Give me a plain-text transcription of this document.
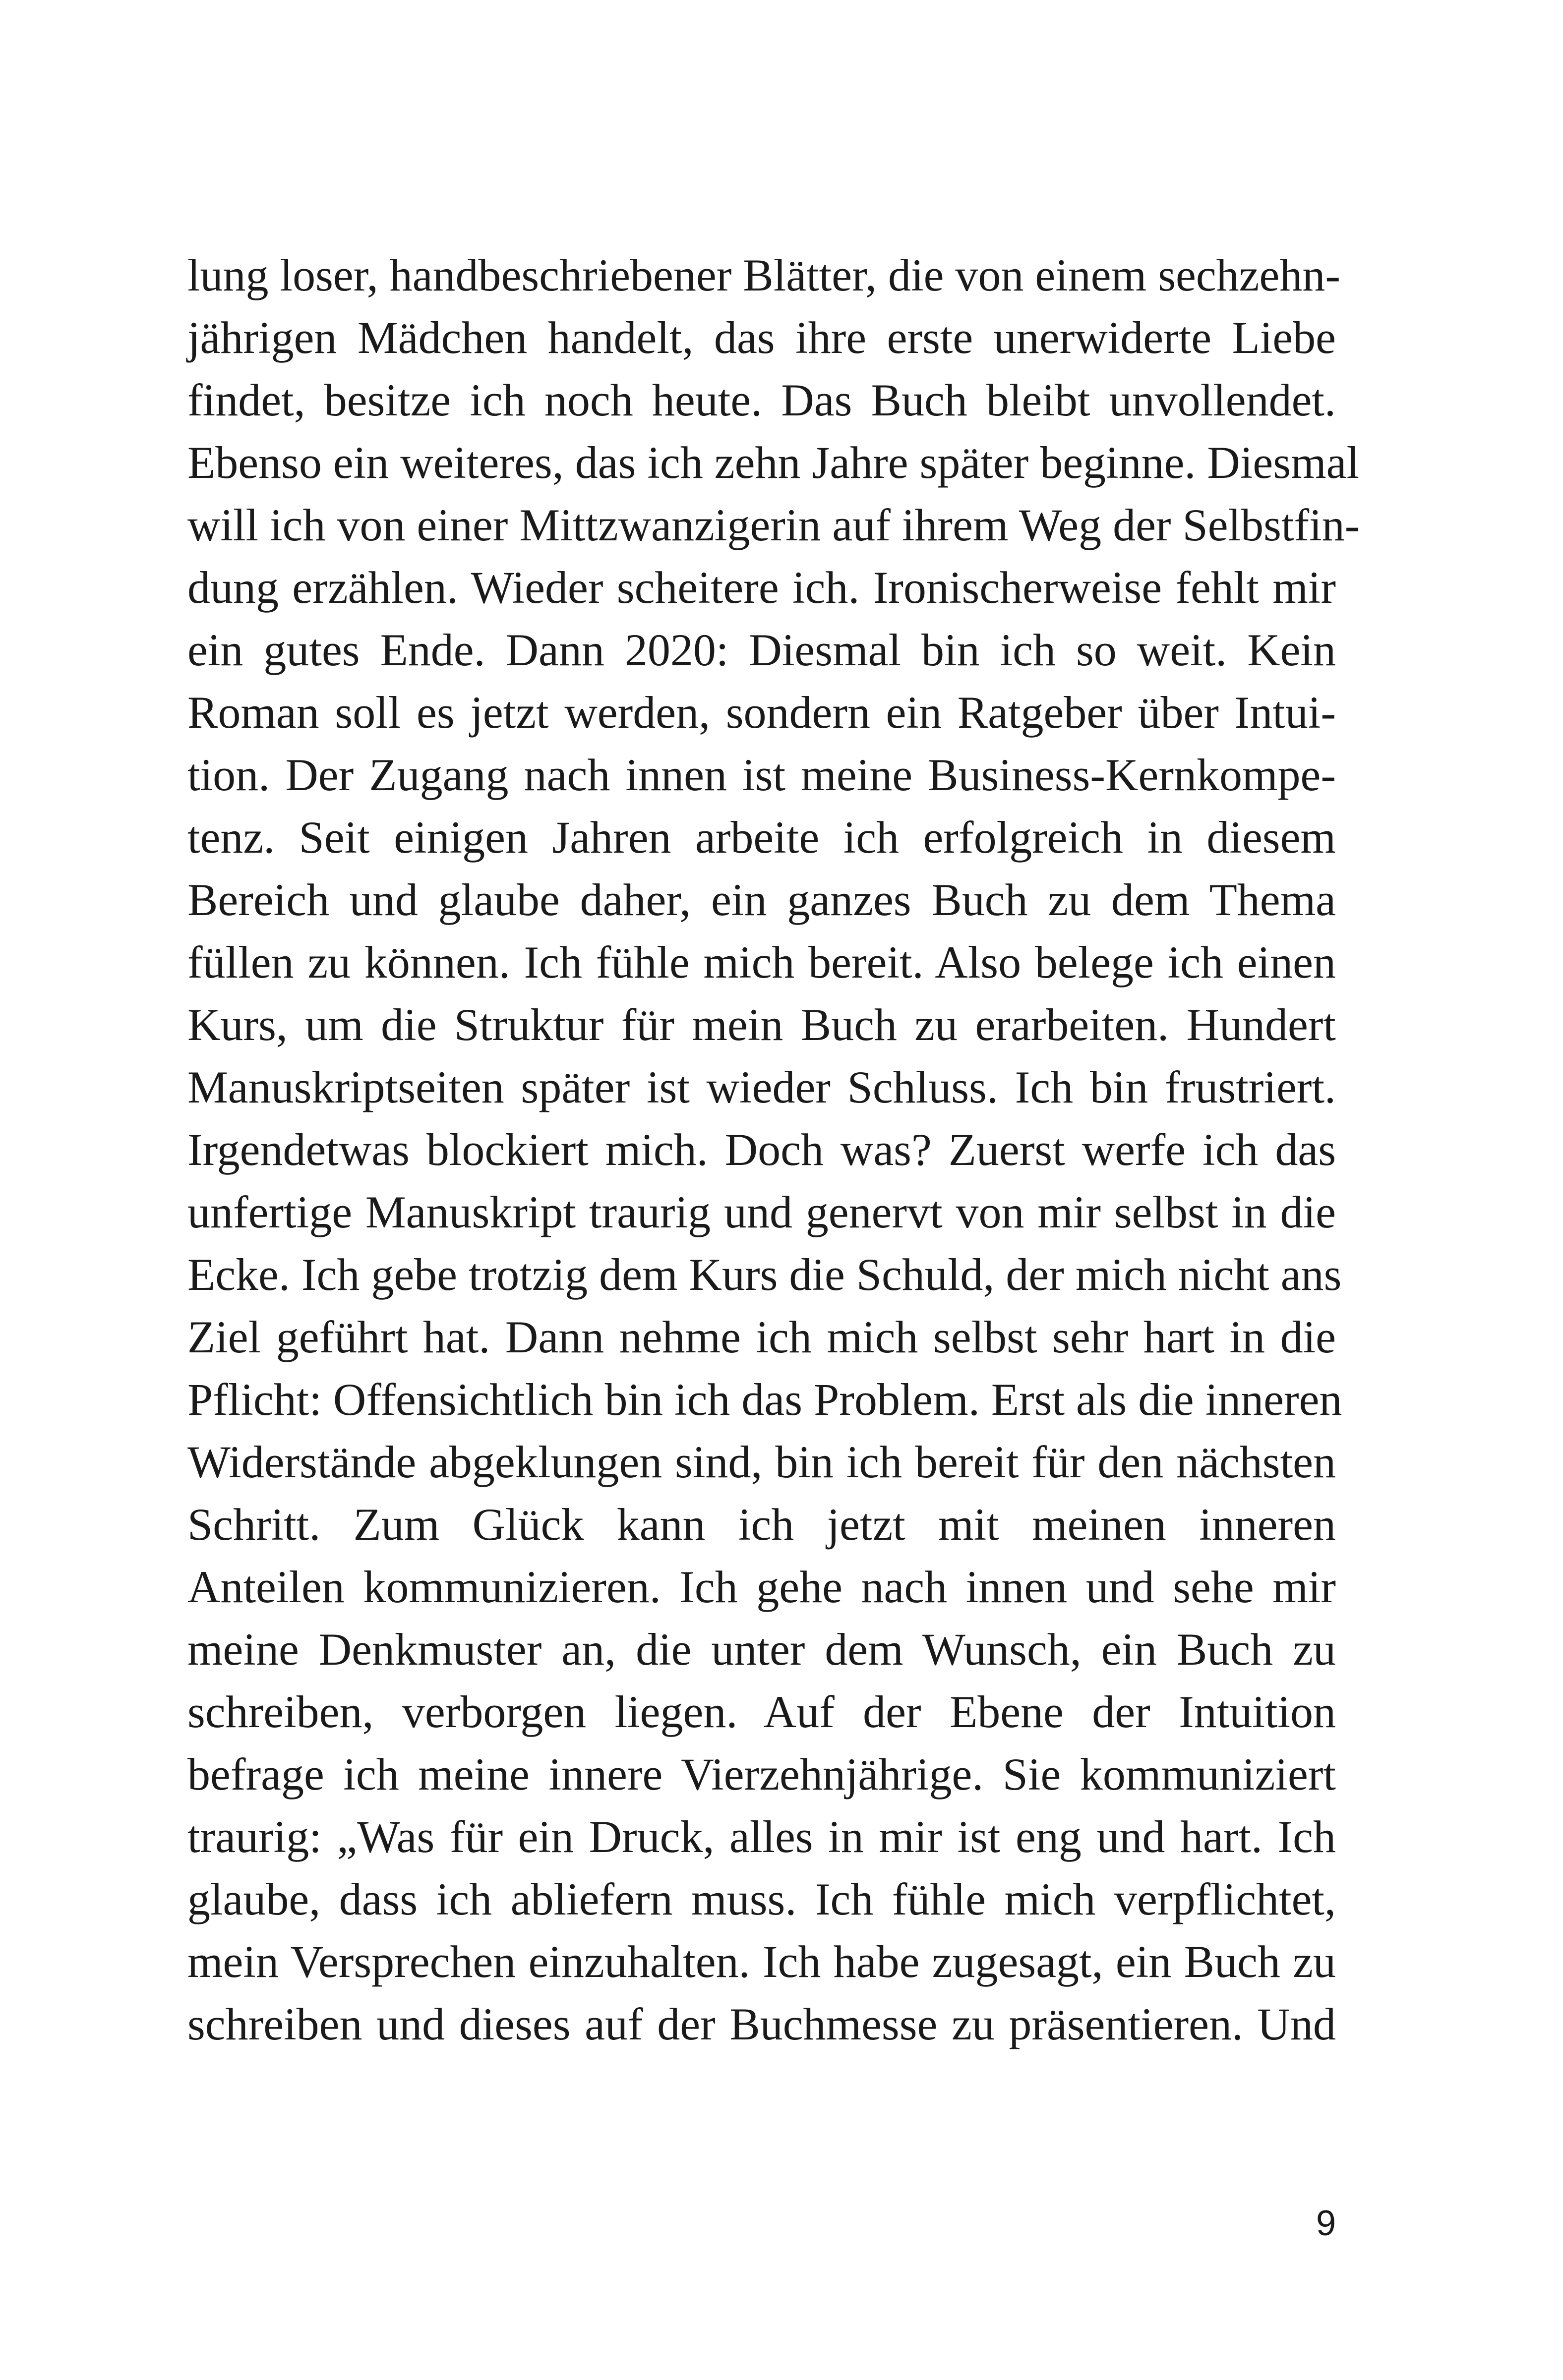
lung loser, handbeschriebener Blätter, die von einem sechzehn-
jährigen Mädchen handelt, das ihre erste unerwiderte Liebe
findet, besitze ich noch heute. Das Buch bleibt unvollendet.
Ebenso ein weiteres, das ich zehn Jahre später beginne. Diesmal
will ich von einer Mittzwanzigerin auf ihrem Weg der Selbstfin-
dung erzählen. Wieder scheitere ich. Ironischerweise fehlt mir
ein gutes Ende. Dann 2020: Diesmal bin ich so weit. Kein
Roman soll es jetzt werden, sondern ein Ratgeber über Intui-
tion. Der Zugang nach innen ist meine Business-Kernkompe-
tenz. Seit einigen Jahren arbeite ich erfolgreich in diesem
Bereich und glaube daher, ein ganzes Buch zu dem Thema
füllen zu können. Ich fühle mich bereit. Also belege ich einen
Kurs, um die Struktur für mein Buch zu erarbeiten. Hundert
Manuskriptseiten später ist wieder Schluss. Ich bin frustriert.
Irgendetwas blockiert mich. Doch was? Zuerst werfe ich das
unfertige Manuskript traurig und genervt von mir selbst in die
Ecke. Ich gebe trotzig dem Kurs die Schuld, der mich nicht ans
Ziel geführt hat. Dann nehme ich mich selbst sehr hart in die
Pflicht: Offensichtlich bin ich das Problem. Erst als die inneren
Widerstände abgeklungen sind, bin ich bereit für den nächsten
Schritt. Zum Glück kann ich jetzt mit meinen inneren
Anteilen kommunizieren. Ich gehe nach innen und sehe mir
meine Denkmuster an, die unter dem Wunsch, ein Buch zu
schreiben, verborgen liegen. Auf der Ebene der Intuition
befrage ich meine innere Vierzehnjährige. Sie kommuniziert
traurig: „Was für ein Druck, alles in mir ist eng und hart. Ich
glaube, dass ich abliefern muss. Ich fühle mich verpflichtet,
mein Versprechen einzuhalten. Ich habe zugesagt, ein Buch zu
schreiben und dieses auf der Buchmesse zu präsentieren. Und
9
